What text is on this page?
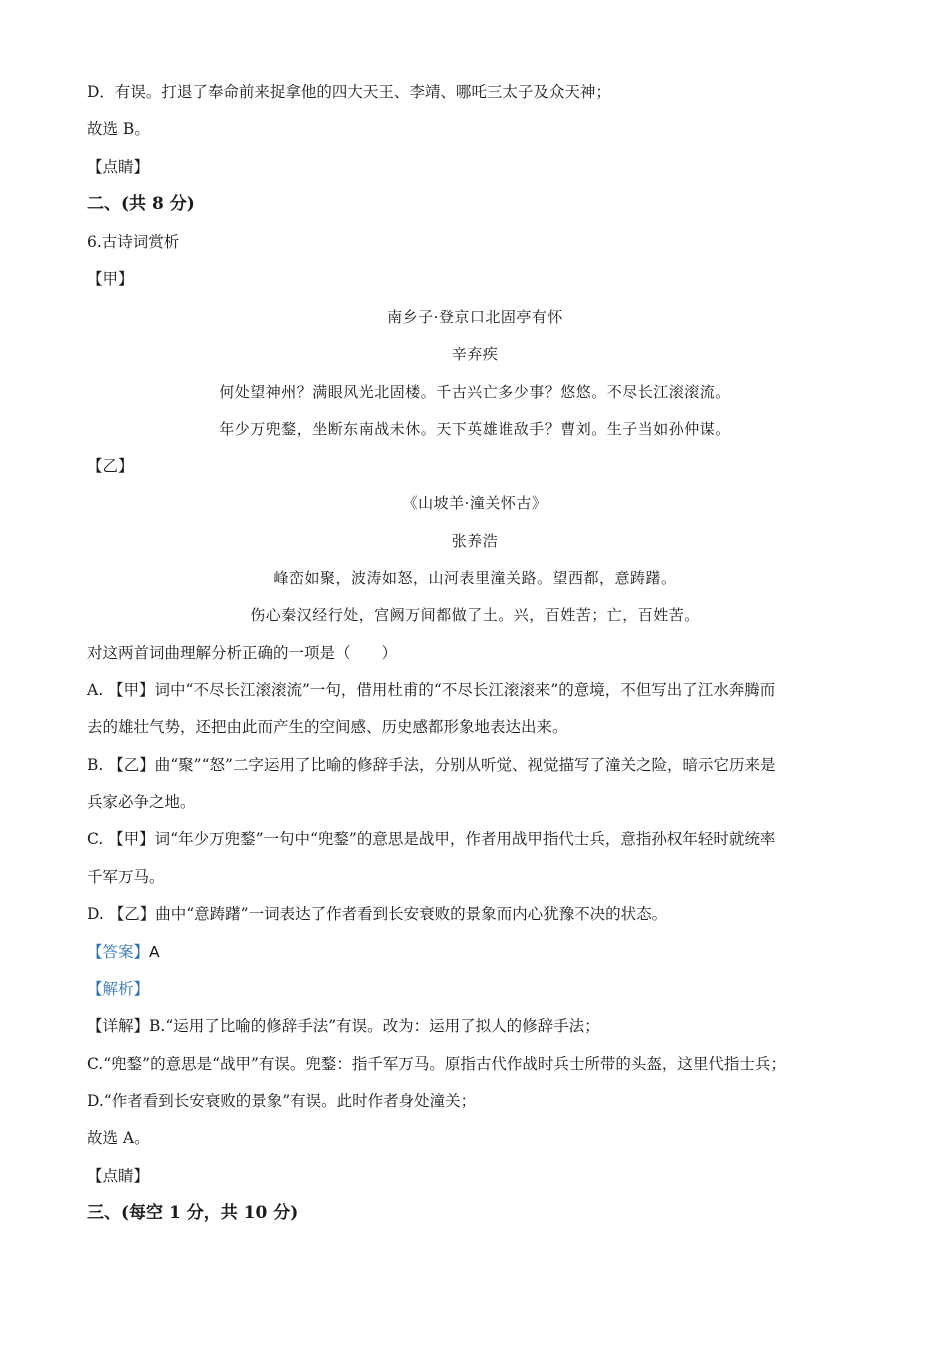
D．有误。打退了奉命前来捉拿他的四大天王、李靖、哪吒三太子及众天神；
故选 B。
【点睛】
二、(共 8 分)
6.古诗词赏析
【甲】
南乡子·登京口北固亭有怀
辛弃疾
何处望神州？满眼风光北固楼。千古兴亡多少事？悠悠。不尽长江滚滚流。
年少万兜鍪，坐断东南战未休。天下英雄谁敌手？曹刘。生子当如孙仲谋。
【乙】
《山坡羊·潼关怀古》
张养浩
峰峦如聚，波涛如怒，山河表里潼关路。望西都，意踌躇。
伤心秦汉经行处，宫阙万间都做了土。兴，百姓苦；亡，百姓苦。
对这两首词曲理解分析正确的一项是（　　）
A. 【甲】词中“不尽长江滚滚流”一句，借用杜甫的“不尽长江滚滚来”的意境，不但写出了江水奔腾而
去的雄壮气势，还把由此而产生的空间感、历史感都形象地表达出来。
B. 【乙】曲“聚”“怒”二字运用了比喻的修辞手法，分别从听觉、视觉描写了潼关之险，暗示它历来是
兵家必争之地。
C. 【甲】词“年少万兜鍪”一句中“兜鍪”的意思是战甲，作者用战甲指代士兵，意指孙权年轻时就统率
千军万马。
D. 【乙】曲中“意踌躇”一词表达了作者看到长安衰败的景象而内心犹豫不决的状态。
【答案】A
【解析】
【详解】B.“运用了比喻的修辞手法”有误。改为：运用了拟人的修辞手法；
C.“兜鍪”的意思是“战甲”有误。兜鍪：指千军万马。原指古代作战时兵士所带的头盔，这里代指士兵；
D.“作者看到长安衰败的景象”有误。此时作者身处潼关；
故选 A。
【点睛】
三、(每空 1 分，共 10 分)
